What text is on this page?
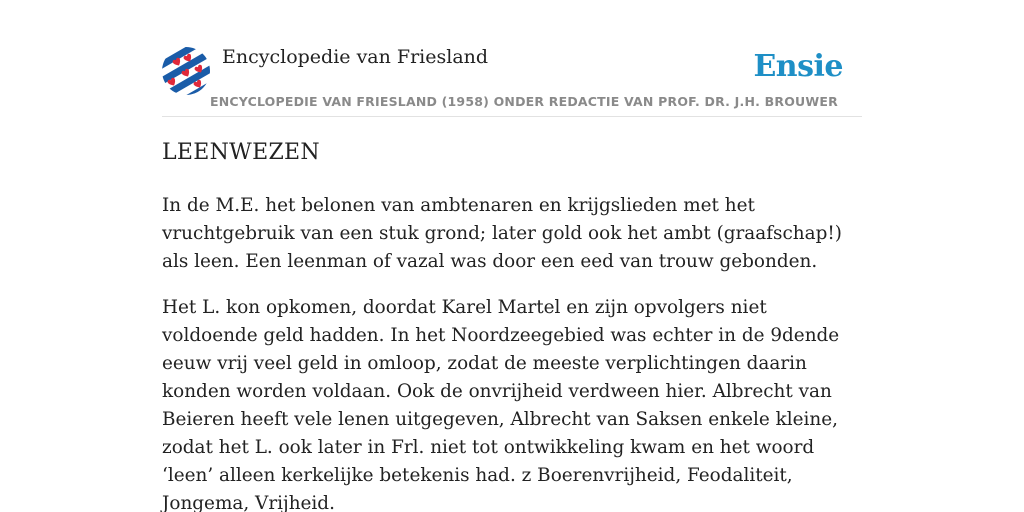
Encyclopedie van Friesland
ENCYCLOPEDIE VAN FRIESLAND (1958) ONDER REDACTIE VAN PROF. DR. J.H. BROUWER
Ensie
LEENWEZEN

In de M.E. het belonen van ambtenaren en krijgslieden met het vruchtgebruik van een stuk grond; later gold ook het ambt (graafschap!) als leen. Een leenman of vazal was door een eed van trouw gebonden.

Het L. kon opkomen, doordat Karel Martel en zijn opvolgers niet voldoende geld hadden. In het Noordzeegebied was echter in de 9dende eeuw vrij veel geld in omloop, zodat de meeste verplichtingen daarin konden worden voldaan. Ook de onvrijheid verdween hier. Albrecht van Beieren heeft vele lenen uitgegeven, Albrecht van Saksen enkele kleine, zodat het L. ook later in Frl. niet tot ontwikkeling kwam en het woord ‘leen’ alleen kerkelijke betekenis had. z Boerenvrijheid, Feodaliteit, Jongema, Vrijheid.
